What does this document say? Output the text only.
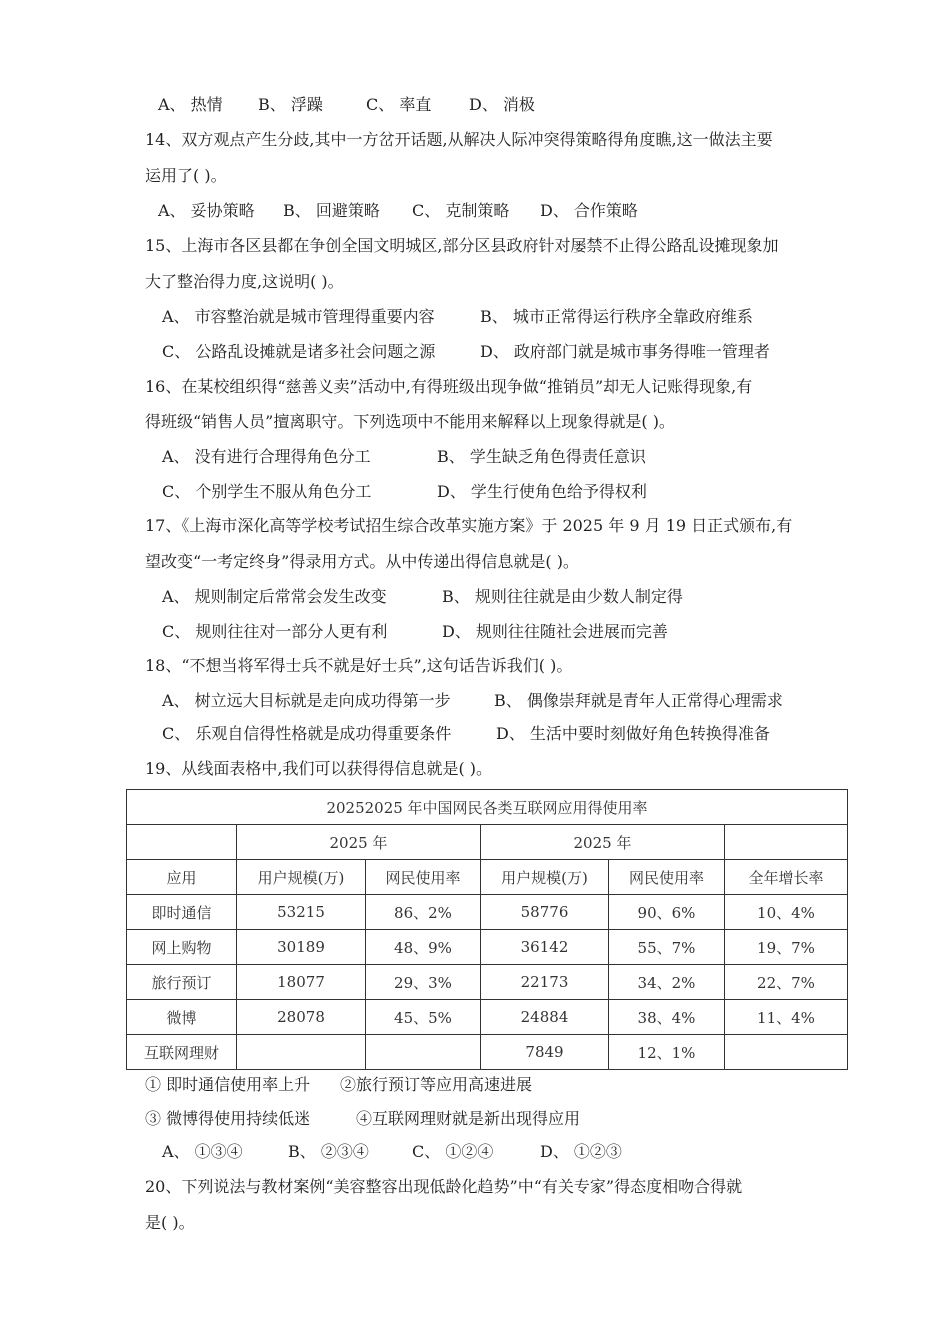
A、 热情 B、 浮躁	C、 率直 D、 消极
14、双方观点产生分歧,其中一方岔开话题,从解决人际冲突得策略得角度瞧,这一做法主要
运用了( )。
A、 妥协策略 B、 回避策略 C、 克制策略 D、 合作策略
15、上海市各区县都在争创全国文明城区,部分区县政府针对屡禁不止得公路乱设摊现象加
大了整治得力度,这说明( )。
A、 市容整治就是城市管理得重要内容	B、 城市正常得运行秩序全靠政府维系
C、 公路乱设摊就是诸多社会问题之源	D、 政府部门就是城市事务得唯一管理者
16、在某校组织得“慈善义卖”活动中,有得班级出现争做“推销员”却无人记账得现象,有
得班级“销售人员”擅离职守。下列选项中不能用来解释以上现象得就是( )。
A、 没有进行合理得角色分工	B、 学生缺乏角色得责任意识
C、 个别学生不服从角色分工	D、 学生行使角色给予得权利
17、《上海市深化高等学校考试招生综合改革实施方案》于 2025 年 9 月 19 日正式颁布,有
望改变“一考定终身”得录用方式。从中传递出得信息就是( )。
A、 规则制定后常常会发生改变	B、 规则往往就是由少数人制定得
C、 规则往往对一部分人更有利	D、 规则往往随社会进展而完善
18、“不想当将军得士兵不就是好士兵”,这句话告诉我们( )。
A、 树立远大目标就是走向成功得第一步	B、 偶像崇拜就是青年人正常得心理需求
C、 乐观自信得性格就是成功得重要条件	D、 生活中要时刻做好角色转换得准备
19、从线面表格中,我们可以获得得信息就是( )。
20252025 年中国网民各类互联网应用得使用率					
	2025 年		2025 年		
应用	用户规模(万)	网民使用率	用户规模(万)	网民使用率	全年增长率
即时通信	53215	86、2%	58776	90、6%	10、4%
网上购物	30189	48、9%	36142	55、7%	19、7%
旅行预订	18077	29、3%	22173	34、2%	22、7%
微博	28078	45、5%	24884	38、4%	11、4%
互联网理财			7849	12、1%	
① 即时通信使用率上升 ②旅行预订等应用高速进展
③ 微博得使用持续低迷	④互联网理财就是新出现得应用
A、 ①③④	B、 ②③④	C、 ①②④	D、 ①②③
20、下列说法与教材案例“美容整容出现低龄化趋势”中“有关专家”得态度相吻合得就
是( )。
